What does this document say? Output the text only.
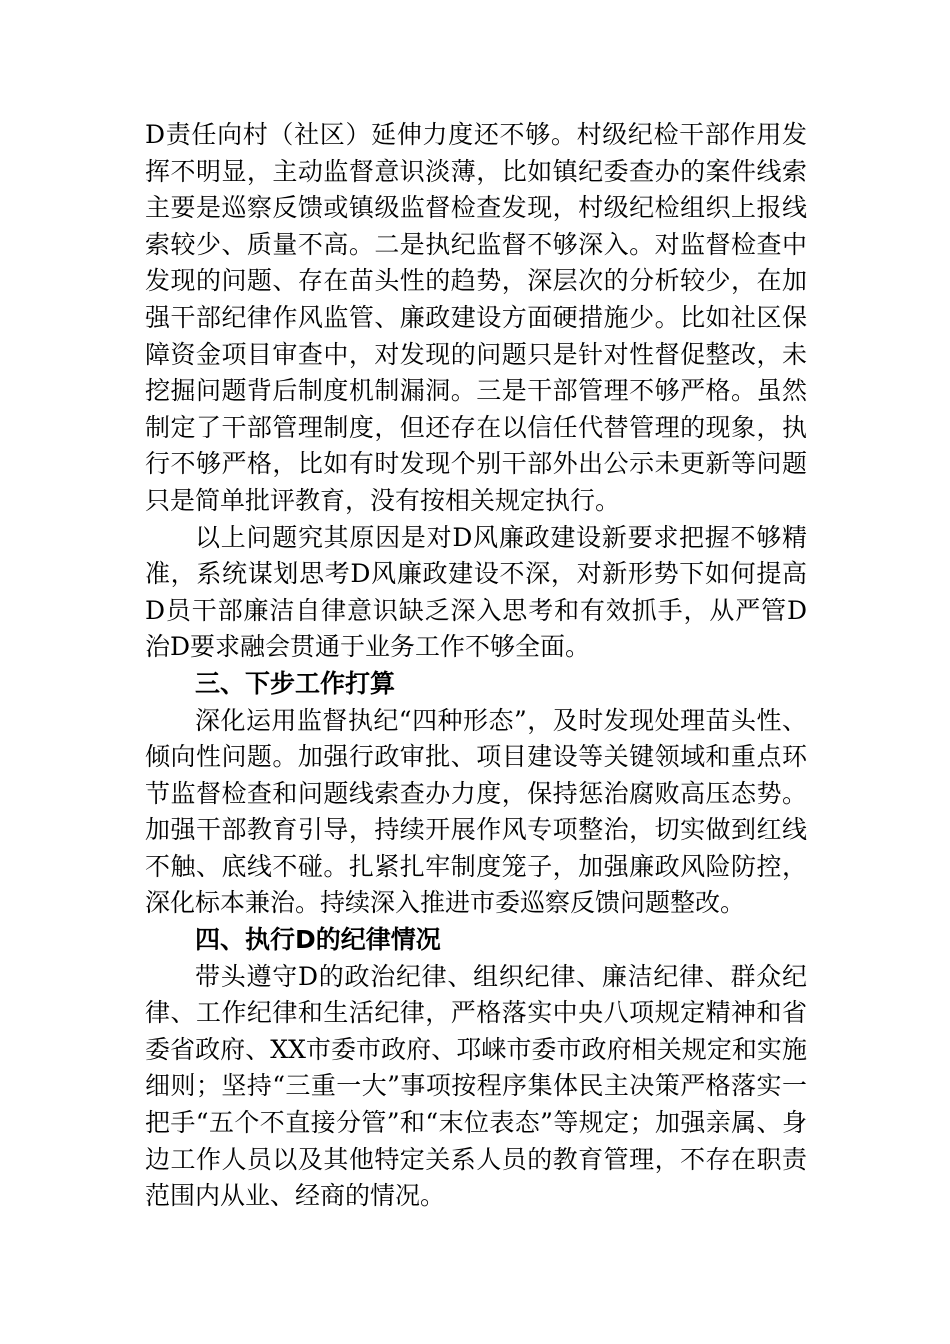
D责任向村（社区）延伸力度还不够。村级纪检干部作用发挥不明显，主动监督意识淡薄，比如镇纪委查办的案件线索主要是巡察反馈或镇级监督检查发现，村级纪检组织上报线索较少、质量不高。二是执纪监督不够深入。对监督检查中发现的问题、存在苗头性的趋势，深层次的分析较少，在加强干部纪律作风监管、廉政建设方面硬措施少。比如社区保障资金项目审查中，对发现的问题只是针对性督促整改，未挖掘问题背后制度机制漏洞。三是干部管理不够严格。虽然制定了干部管理制度，但还存在以信任代替管理的现象，执行不够严格，比如有时发现个别干部外出公示未更新等问题只是简单批评教育，没有按相关规定执行。

以上问题究其原因是对D风廉政建设新要求把握不够精准，系统谋划思考D风廉政建设不深，对新形势下如何提高D员干部廉洁自律意识缺乏深入思考和有效抓手，从严管D治D要求融会贯通于业务工作不够全面。

三、下步工作打算

深化运用监督执纪“四种形态”，及时发现处理苗头性、倾向性问题。加强行政审批、项目建设等关键领域和重点环节监督检查和问题线索查办力度，保持惩治腐败高压态势。加强干部教育引导，持续开展作风专项整治，切实做到红线不触、底线不碰。扎紧扎牢制度笼子，加强廉政风险防控，深化标本兼治。持续深入推进市委巡察反馈问题整改。

四、执行D的纪律情况

带头遵守D的政治纪律、组织纪律、廉洁纪律、群众纪律、工作纪律和生活纪律，严格落实中央八项规定精神和省委省政府、XX市委市政府、邛崃市委市政府相关规定和实施细则；坚持“三重一大”事项按程序集体民主决策严格落实一把手“五个不直接分管”和“末位表态”等规定；加强亲属、身边工作人员以及其他特定关系人员的教育管理，不存在职责范围内从业、经商的情况。
